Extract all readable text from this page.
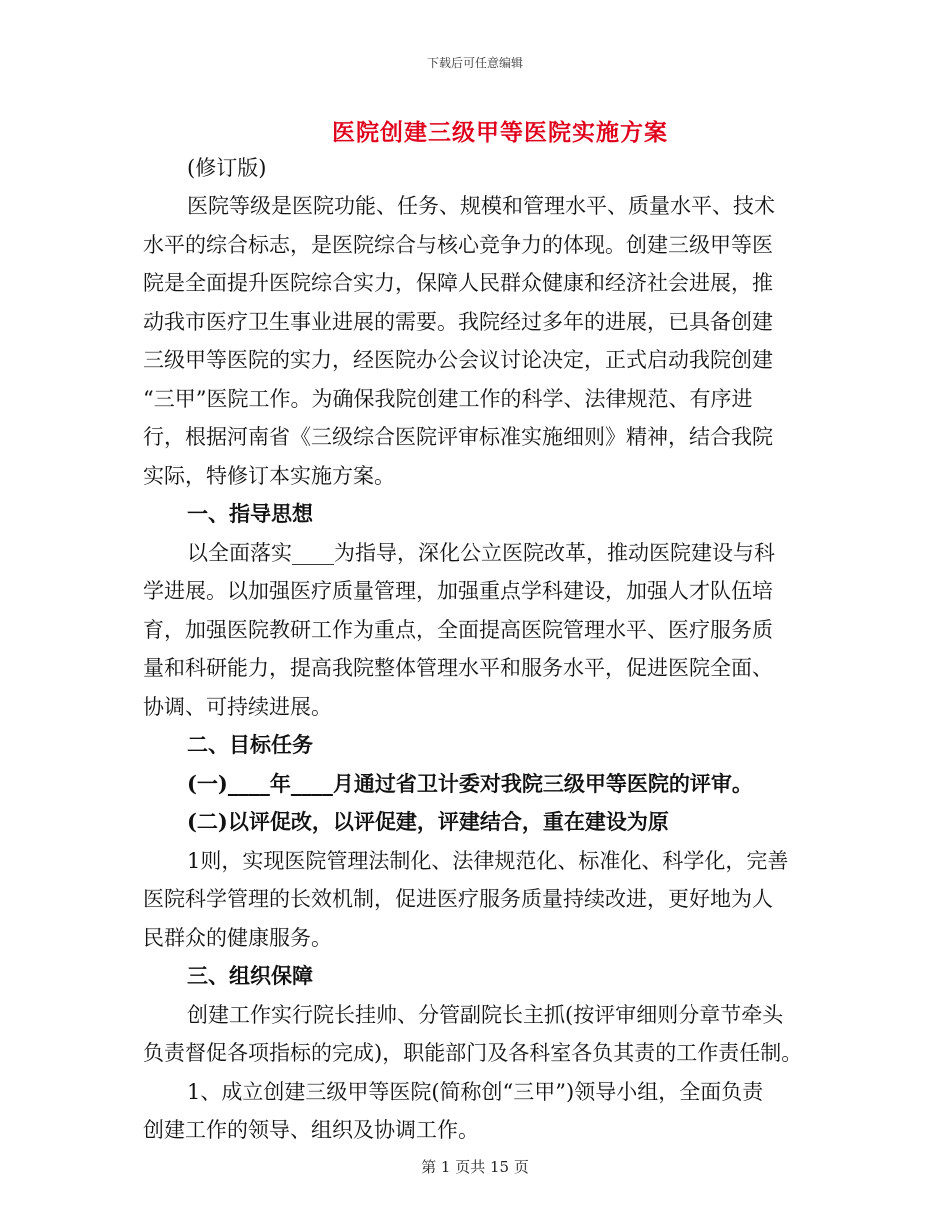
下载后可任意编辑
医院创建三级甲等医院实施方案
(修订版)
医院等级是医院功能、任务、规模和管理水平、质量水平、技术
水平的综合标志，是医院综合与核心竞争力的体现。创建三级甲等医
院是全面提升医院综合实力，保障人民群众健康和经济社会进展，推
动我市医疗卫生事业进展的需要。我院经过多年的进展，已具备创建
三级甲等医院的实力，经医院办公会议讨论决定，正式启动我院创建
“三甲”医院工作。为确保我院创建工作的科学、法律规范、有序进
行，根据河南省《三级综合医院评审标准实施细则》精神，结合我院
实际，特修订本实施方案。
一、指导思想
以全面落实____为指导，深化公立医院改革，推动医院建设与科
学进展。以加强医疗质量管理，加强重点学科建设，加强人才队伍培
育，加强医院教研工作为重点，全面提高医院管理水平、医疗服务质
量和科研能力，提高我院整体管理水平和服务水平，促进医院全面、
协调、可持续进展。
二、目标任务
(一)____年____月通过省卫计委对我院三级甲等医院的评审。
(二)以评促改，以评促建，评建结合，重在建设为原
1则，实现医院管理法制化、法律规范化、标准化、科学化，完善
医院科学管理的长效机制，促进医疗服务质量持续改进，更好地为人
民群众的健康服务。
三、组织保障
创建工作实行院长挂帅、分管副院长主抓(按评审细则分章节牵头
负责督促各项指标的完成)，职能部门及各科室各负其责的工作责任制。
1、成立创建三级甲等医院(简称创“三甲”)领导小组，全面负责
创建工作的领导、组织及协调工作。
第 1 页共 15 页
